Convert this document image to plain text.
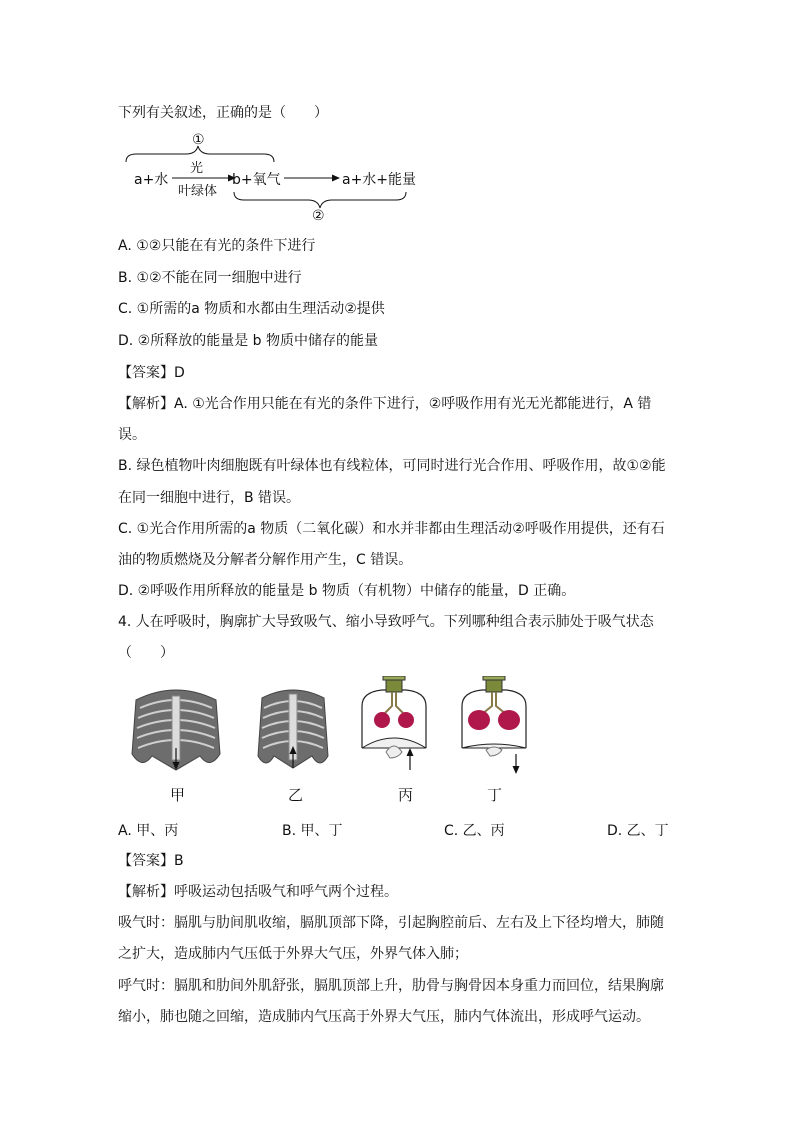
下列有关叙述，正确的是（　　）
①
a+水
光
叶绿体
b+氧气	a+水+能量
②
A. ①②只能在有光的条件下进行
B. ①②不能在同一细胞中进行
C. ①所需的a 物质和水都由生理活动②提供
D. ②所释放的能量是 b 物质中储存的能量
【答案】D
【解析】A. ①光合作用只能在有光的条件下进行，②呼吸作用有光无光都能进行，A 错
误。
B. 绿色植物叶肉细胞既有叶绿体也有线粒体，可同时进行光合作用、呼吸作用，故①②能
在同一细胞中进行，B 错误。
C. ①光合作用所需的a 物质（二氧化碳）和水并非都由生理活动②呼吸作用提供，还有石
油的物质燃烧及分解者分解作用产生，C 错误。
D. ②呼吸作用所释放的能量是 b 物质（有机物）中储存的能量，D 正确。
4. 人在呼吸时，胸廓扩大导致吸气、缩小导致呼气。下列哪种组合表示肺处于吸气状态
（　　）
甲	乙	丙	丁
A. 甲、丙	B. 甲、丁	C. 乙、丙	D. 乙、丁
【答案】B
【解析】呼吸运动包括吸气和呼气两个过程。
吸气时：膈肌与肋间肌收缩，膈肌顶部下降，引起胸腔前后、左右及上下径均增大，肺随
之扩大，造成肺内气压低于外界大气压，外界气体入肺；
呼气时：膈肌和肋间外肌舒张，膈肌顶部上升，肋骨与胸骨因本身重力而回位，结果胸廓
缩小，肺也随之回缩，造成肺内气压高于外界大气压，肺内气体流出，形成呼气运动。
